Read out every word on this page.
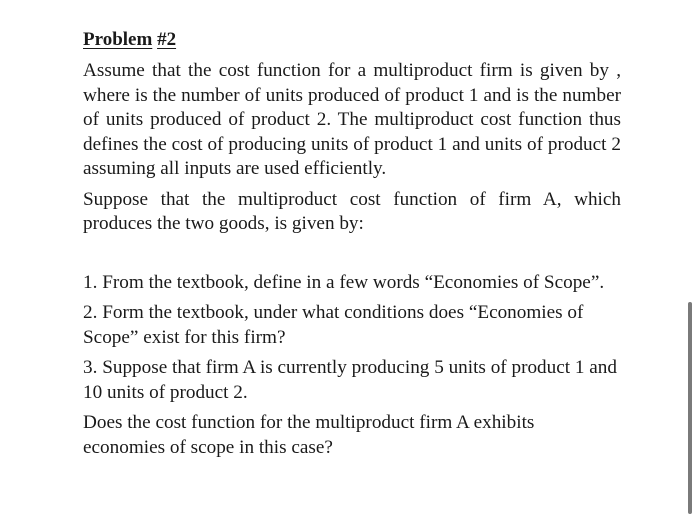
Problem #2

Assume that the cost function for a multiproduct firm is given by , where is the number of units produced of product 1 and is the number of units produced of product 2. The multiproduct cost function thus defines the cost of producing units of product 1 and units of product 2 assuming all inputs are used efficiently.

Suppose that the multiproduct cost function of firm A, which produces the two goods, is given by:

1. From the textbook, define in a few words “Economies of Scope”.

2. Form the textbook, under what conditions does “Economies of Scope” exist for this firm?

3. Suppose that firm A is currently producing 5 units of product 1 and 10 units of product 2.

Does the cost function for the multiproduct firm A exhibits economies of scope in this case?
